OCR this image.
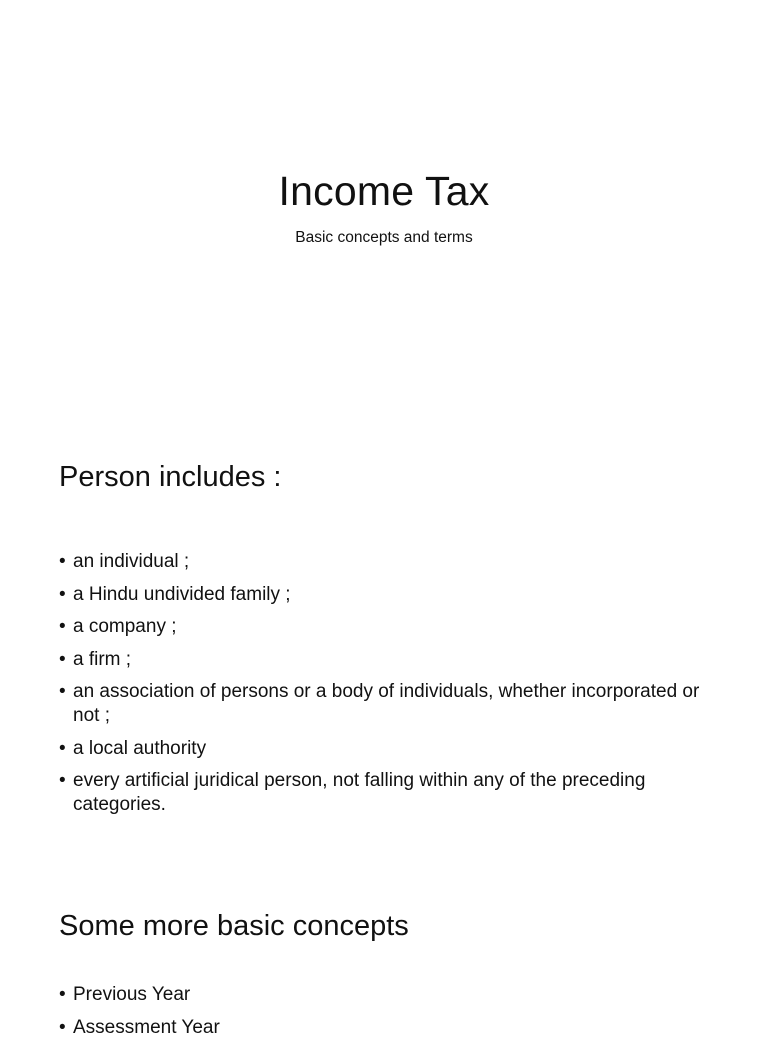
Income Tax

Basic concepts and terms

Person includes :
• an individual ;
• a Hindu undivided family ;
• a company ;
• a firm ;
• an association of persons or a body of individuals, whether incorporated or not ;
• a local authority
• every artificial juridical person, not falling within any of the preceding categories.
Some more basic concepts
• Previous Year
• Assessment Year
